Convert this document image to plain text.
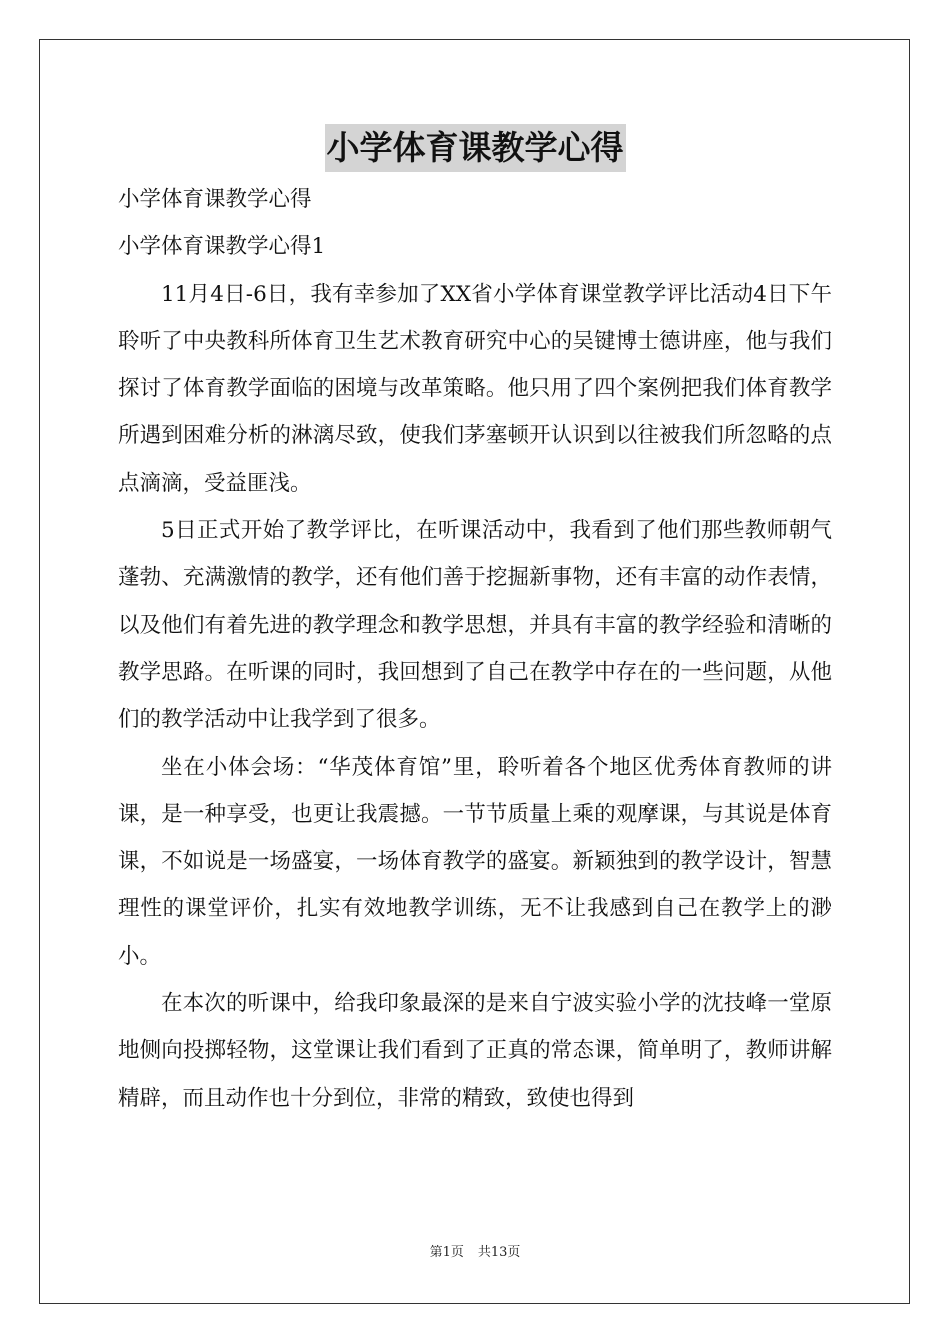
小学体育课教学心得

小学体育课教学心得

小学体育课教学心得1

11月4日-6日，我有幸参加了XX省小学体育课堂教学评比活动4日下午聆听了中央教科所体育卫生艺术教育研究中心的吴键博士德讲座，他与我们探讨了体育教学面临的困境与改革策略。他只用了四个案例把我们体育教学所遇到困难分析的淋漓尽致，使我们茅塞顿开认识到以往被我们所忽略的点点滴滴，受益匪浅。

5日正式开始了教学评比，在听课活动中，我看到了他们那些教师朝气蓬勃、充满激情的教学，还有他们善于挖掘新事物，还有丰富的动作表情，以及他们有着先进的教学理念和教学思想，并具有丰富的教学经验和清晰的教学思路。在听课的同时，我回想到了自己在教学中存在的一些问题，从他们的教学活动中让我学到了很多。

坐在小体会场：“华茂体育馆”里，聆听着各个地区优秀体育教师的讲课，是一种享受，也更让我震撼。一节节质量上乘的观摩课，与其说是体育课，不如说是一场盛宴，一场体育教学的盛宴。新颖独到的教学设计，智慧理性的课堂评价，扎实有效地教学训练，无不让我感到自己在教学上的渺小。

在本次的听课中，给我印象最深的是来自宁波实验小学的沈技峰一堂原地侧向投掷轻物，这堂课让我们看到了正真的常态课，简单明了，教师讲解精辟，而且动作也十分到位，非常的精致，致使也得到

第1页 共13页
